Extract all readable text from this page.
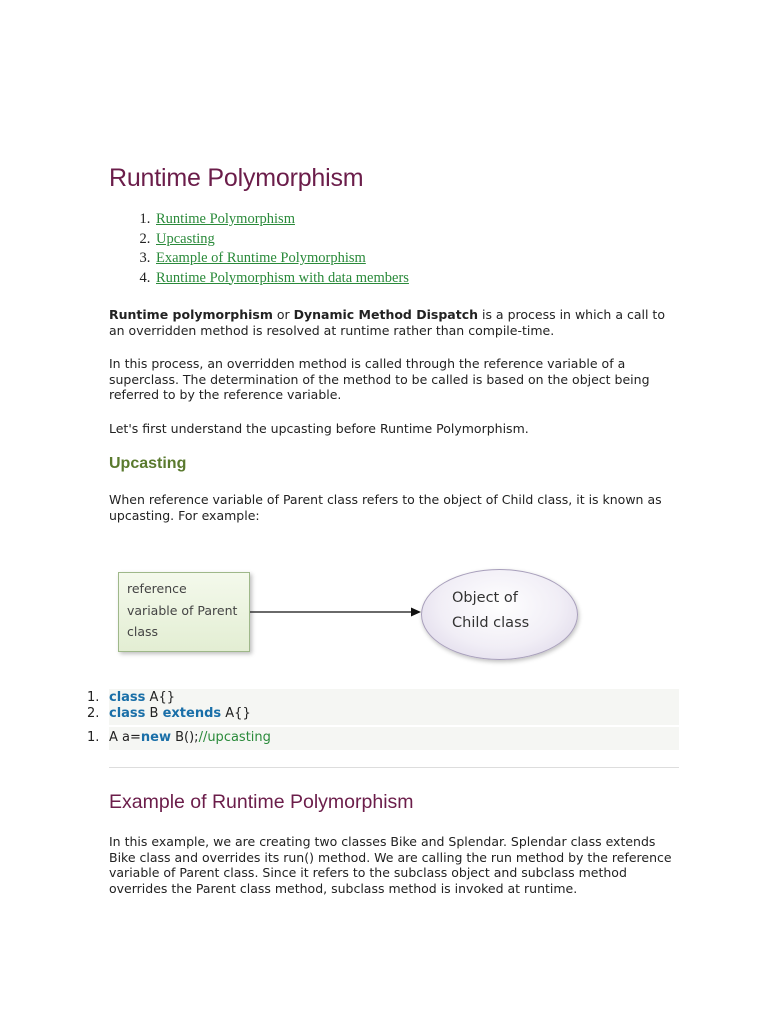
Runtime Polymorphism
1. Runtime Polymorphism
2. Upcasting
3. Example of Runtime Polymorphism
4. Runtime Polymorphism with data members

Runtime polymorphism or Dynamic Method Dispatch is a process in which a call to an overridden method is resolved at runtime rather than compile-time.

In this process, an overridden method is called through the reference variable of a superclass. The determination of the method to be called is based on the object being referred to by the reference variable.

Let's first understand the upcasting before Runtime Polymorphism.

Upcasting

When reference variable of Parent class refers to the object of Child class, it is known as upcasting. For example:

reference
variable of Parent
class
Object of
Child class
1. class A{}
2. class B extends A{}
1. A a=new B();//upcasting
Example of Runtime Polymorphism

In this example, we are creating two classes Bike and Splendar. Splendar class extends Bike class and overrides its run() method. We are calling the run method by the reference variable of Parent class. Since it refers to the subclass object and subclass method overrides the Parent class method, subclass method is invoked at runtime.
